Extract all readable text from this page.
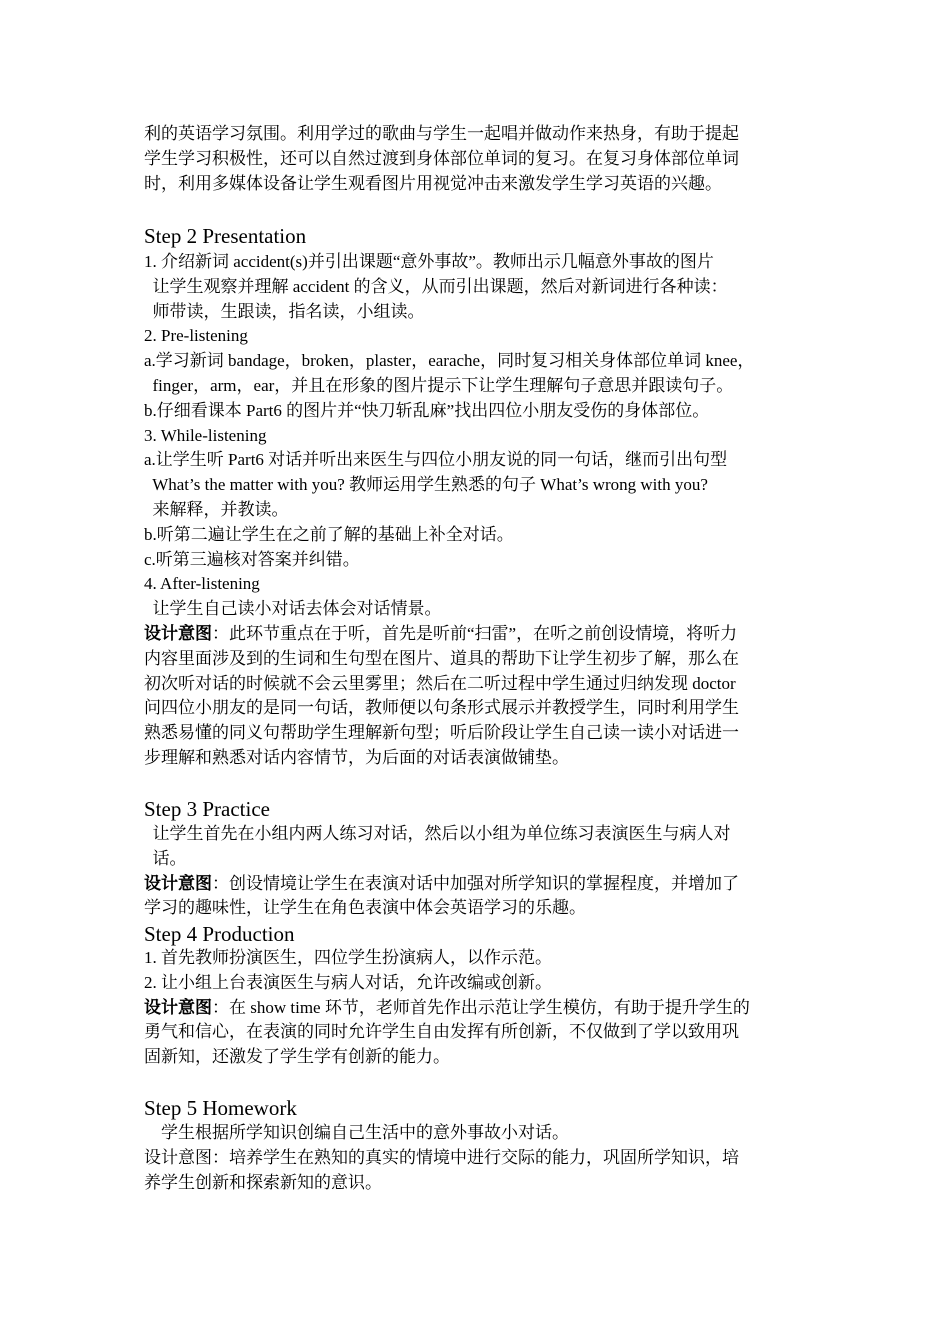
利的英语学习氛围。利用学过的歌曲与学生一起唱并做动作来热身，有助于提起
学生学习积极性，还可以自然过渡到身体部位单词的复习。在复习身体部位单词
时，利用多媒体设备让学生观看图片用视觉冲击来激发学生学习英语的兴趣。
Step 2 Presentation
1. 介绍新词 accident(s)并引出课题“意外事故”。教师出示几幅意外事故的图片
让学生观察并理解 accident 的含义，从而引出课题，然后对新词进行各种读：
师带读，生跟读，指名读，小组读。
2. Pre-listening
a.学习新词 bandage，broken，plaster，earache，同时复习相关身体部位单词 knee，
finger，arm，ear，并且在形象的图片提示下让学生理解句子意思并跟读句子。
b.仔细看课本 Part6 的图片并“快刀斩乱麻”找出四位小朋友受伤的身体部位。
3. While-listening
a.让学生听 Part6 对话并听出来医生与四位小朋友说的同一句话，继而引出句型
What’s the matter with you? 教师运用学生熟悉的句子 What’s wrong with you?
来解释，并教读。
b.听第二遍让学生在之前了解的基础上补全对话。
c.听第三遍核对答案并纠错。
4. After-listening
让学生自己读小对话去体会对话情景。
设计意图：此环节重点在于听，首先是听前“扫雷”，在听之前创设情境，将听力
内容里面涉及到的生词和生句型在图片、道具的帮助下让学生初步了解，那么在
初次听对话的时候就不会云里雾里；然后在二听过程中学生通过归纳发现 doctor
问四位小朋友的是同一句话，教师便以句条形式展示并教授学生，同时利用学生
熟悉易懂的同义句帮助学生理解新句型；听后阶段让学生自己读一读小对话进一
步理解和熟悉对话内容情节，为后面的对话表演做铺垫。
Step 3 Practice
让学生首先在小组内两人练习对话，然后以小组为单位练习表演医生与病人对
话。
设计意图：创设情境让学生在表演对话中加强对所学知识的掌握程度，并增加了
学习的趣味性，让学生在角色表演中体会英语学习的乐趣。
Step 4 Production
1. 首先教师扮演医生，四位学生扮演病人，以作示范。
2. 让小组上台表演医生与病人对话，允许改编或创新。
设计意图：在 show time 环节，老师首先作出示范让学生模仿，有助于提升学生的
勇气和信心，在表演的同时允许学生自由发挥有所创新，不仅做到了学以致用巩
固新知，还激发了学生学有创新的能力。
Step 5 Homework
学生根据所学知识创编自己生活中的意外事故小对话。
设计意图：培养学生在熟知的真实的情境中进行交际的能力，巩固所学知识，培
养学生创新和探索新知的意识。
